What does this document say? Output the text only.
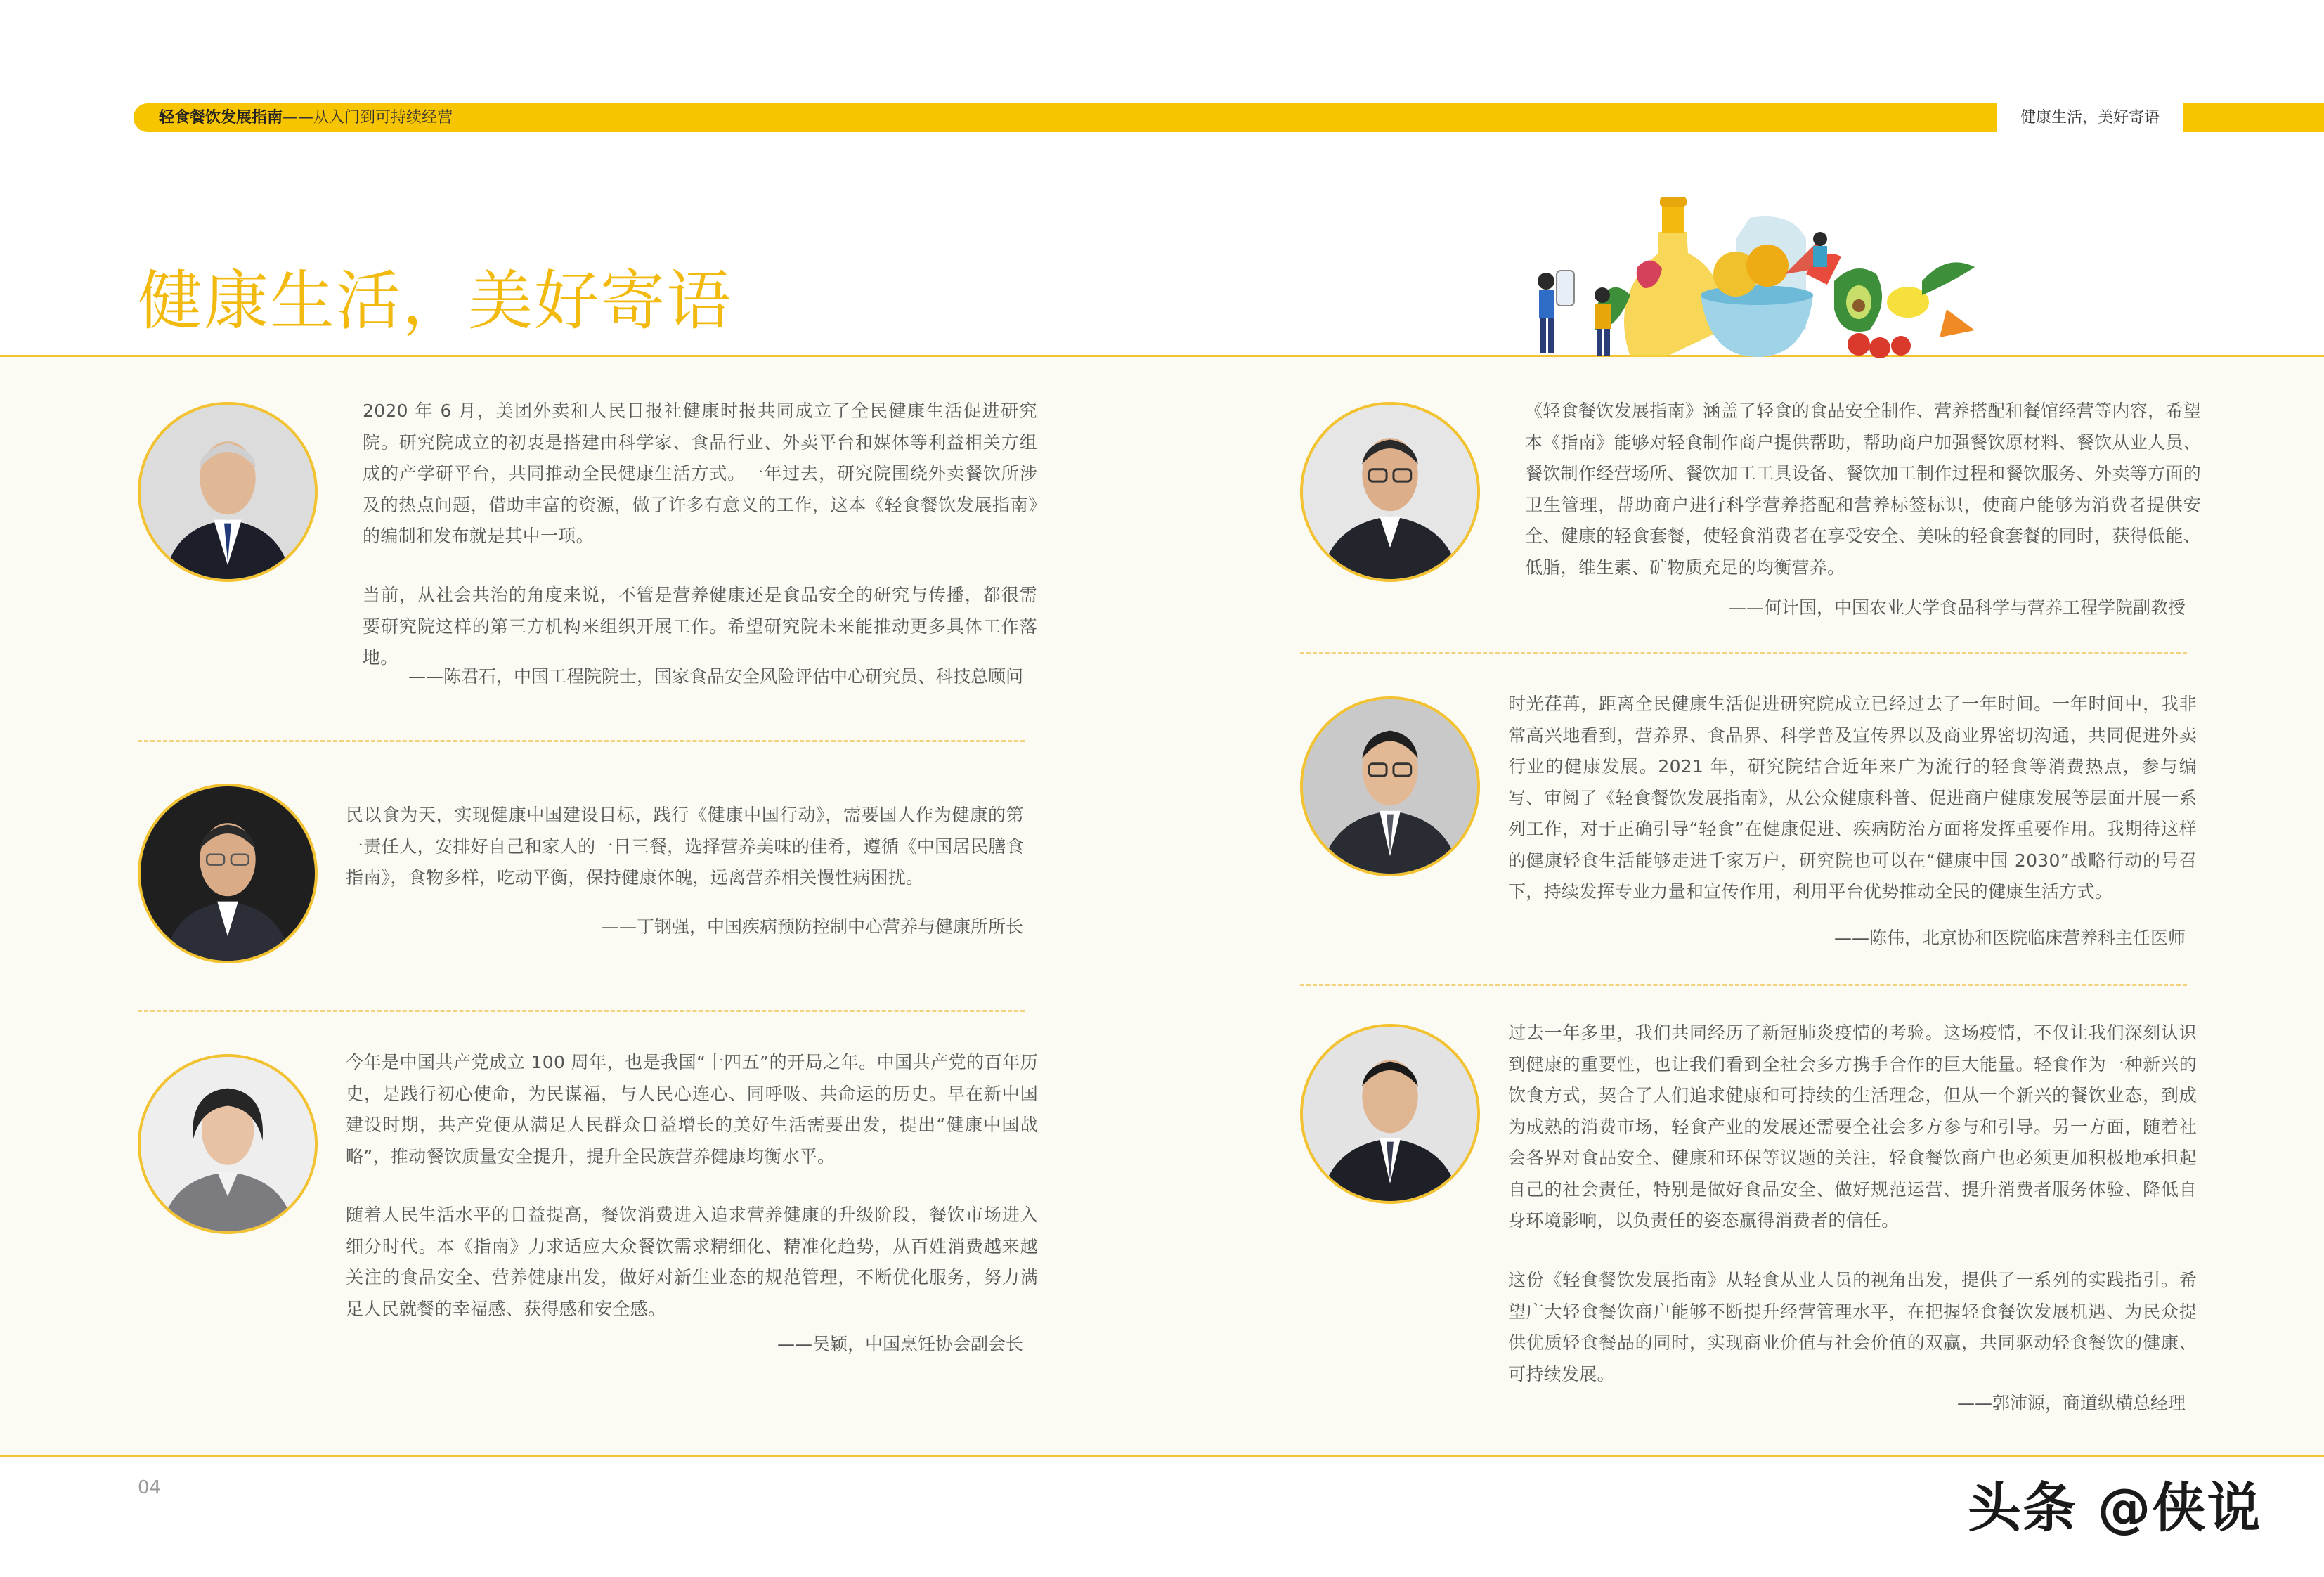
轻食餐饮发展指南——从入门到可持续经营	健康生活，美好寄语
健康生活，美好寄语
2020 年 6 月，美团外卖和人民日报社健康时报共同成立了全民健康生活促进研究院。研究院成立的初衷是搭建由科学家、食品行业、外卖平台和媒体等利益相关方组成的产学研平台，共同推动全民健康生活方式。一年过去，研究院围绕外卖餐饮所涉及的热点问题，借助丰富的资源，做了许多有意义的工作，这本《轻食餐饮发展指南》的编制和发布就是其中一项。
当前，从社会共治的角度来说，不管是营养健康还是食品安全的研究与传播，都很需要研究院这样的第三方机构来组织开展工作。希望研究院未来能推动更多具体工作落地。
——陈君石，中国工程院院士，国家食品安全风险评估中心研究员、科技总顾问
民以食为天，实现健康中国建设目标，践行《健康中国行动》，需要国人作为健康的第一责任人，安排好自己和家人的一日三餐，选择营养美味的佳肴，遵循《中国居民膳食指南》，食物多样，吃动平衡，保持健康体魄，远离营养相关慢性病困扰。
——丁钢强，中国疾病预防控制中心营养与健康所所长
今年是中国共产党成立 100 周年，也是我国“十四五”的开局之年。中国共产党的百年历史，是践行初心使命，为民谋福，与人民心连心、同呼吸、共命运的历史。早在新中国建设时期，共产党便从满足人民群众日益增长的美好生活需要出发，提出“健康中国战略”，推动餐饮质量安全提升，提升全民族营养健康均衡水平。
随着人民生活水平的日益提高，餐饮消费进入追求营养健康的升级阶段，餐饮市场进入细分时代。本《指南》力求适应大众餐饮需求精细化、精准化趋势，从百姓消费越来越关注的食品安全、营养健康出发，做好对新生业态的规范管理，不断优化服务，努力满足人民就餐的幸福感、获得感和安全感。
——吴颖，中国烹饪协会副会长
《轻食餐饮发展指南》涵盖了轻食的食品安全制作、营养搭配和餐馆经营等内容，希望本《指南》能够对轻食制作商户提供帮助，帮助商户加强餐饮原材料、餐饮从业人员、餐饮制作经营场所、餐饮加工工具设备、餐饮加工制作过程和餐饮服务、外卖等方面的卫生管理，帮助商户进行科学营养搭配和营养标签标识，使商户能够为消费者提供安全、健康的轻食套餐，使轻食消费者在享受安全、美味的轻食套餐的同时，获得低能、低脂，维生素、矿物质充足的均衡营养。
——何计国，中国农业大学食品科学与营养工程学院副教授
时光荏苒，距离全民健康生活促进研究院成立已经过去了一年时间。一年时间中，我非常高兴地看到，营养界、食品界、科学普及宣传界以及商业界密切沟通，共同促进外卖行业的健康发展。2021 年，研究院结合近年来广为流行的轻食等消费热点，参与编写、审阅了《轻食餐饮发展指南》，从公众健康科普、促进商户健康发展等层面开展一系列工作，对于正确引导“轻食”在健康促进、疾病防治方面将发挥重要作用。我期待这样的健康轻食生活能够走进千家万户，研究院也可以在“健康中国 2030”战略行动的号召下，持续发挥专业力量和宣传作用，利用平台优势推动全民的健康生活方式。
——陈伟，北京协和医院临床营养科主任医师
过去一年多里，我们共同经历了新冠肺炎疫情的考验。这场疫情，不仅让我们深刻认识到健康的重要性，也让我们看到全社会多方携手合作的巨大能量。轻食作为一种新兴的饮食方式，契合了人们追求健康和可持续的生活理念，但从一个新兴的餐饮业态，到成为成熟的消费市场，轻食产业的发展还需要全社会多方参与和引导。另一方面，随着社会各界对食品安全、健康和环保等议题的关注，轻食餐饮商户也必须更加积极地承担起自己的社会责任，特别是做好食品安全、做好规范运营、提升消费者服务体验、降低自身环境影响，以负责任的姿态赢得消费者的信任。
这份《轻食餐饮发展指南》从轻食从业人员的视角出发，提供了一系列的实践指引。希望广大轻食餐饮商户能够不断提升经营管理水平，在把握轻食餐饮发展机遇、为民众提供优质轻食餐品的同时，实现商业价值与社会价值的双赢，共同驱动轻食餐饮的健康、可持续发展。
——郭沛源，商道纵横总经理
04	头条 @侠说
